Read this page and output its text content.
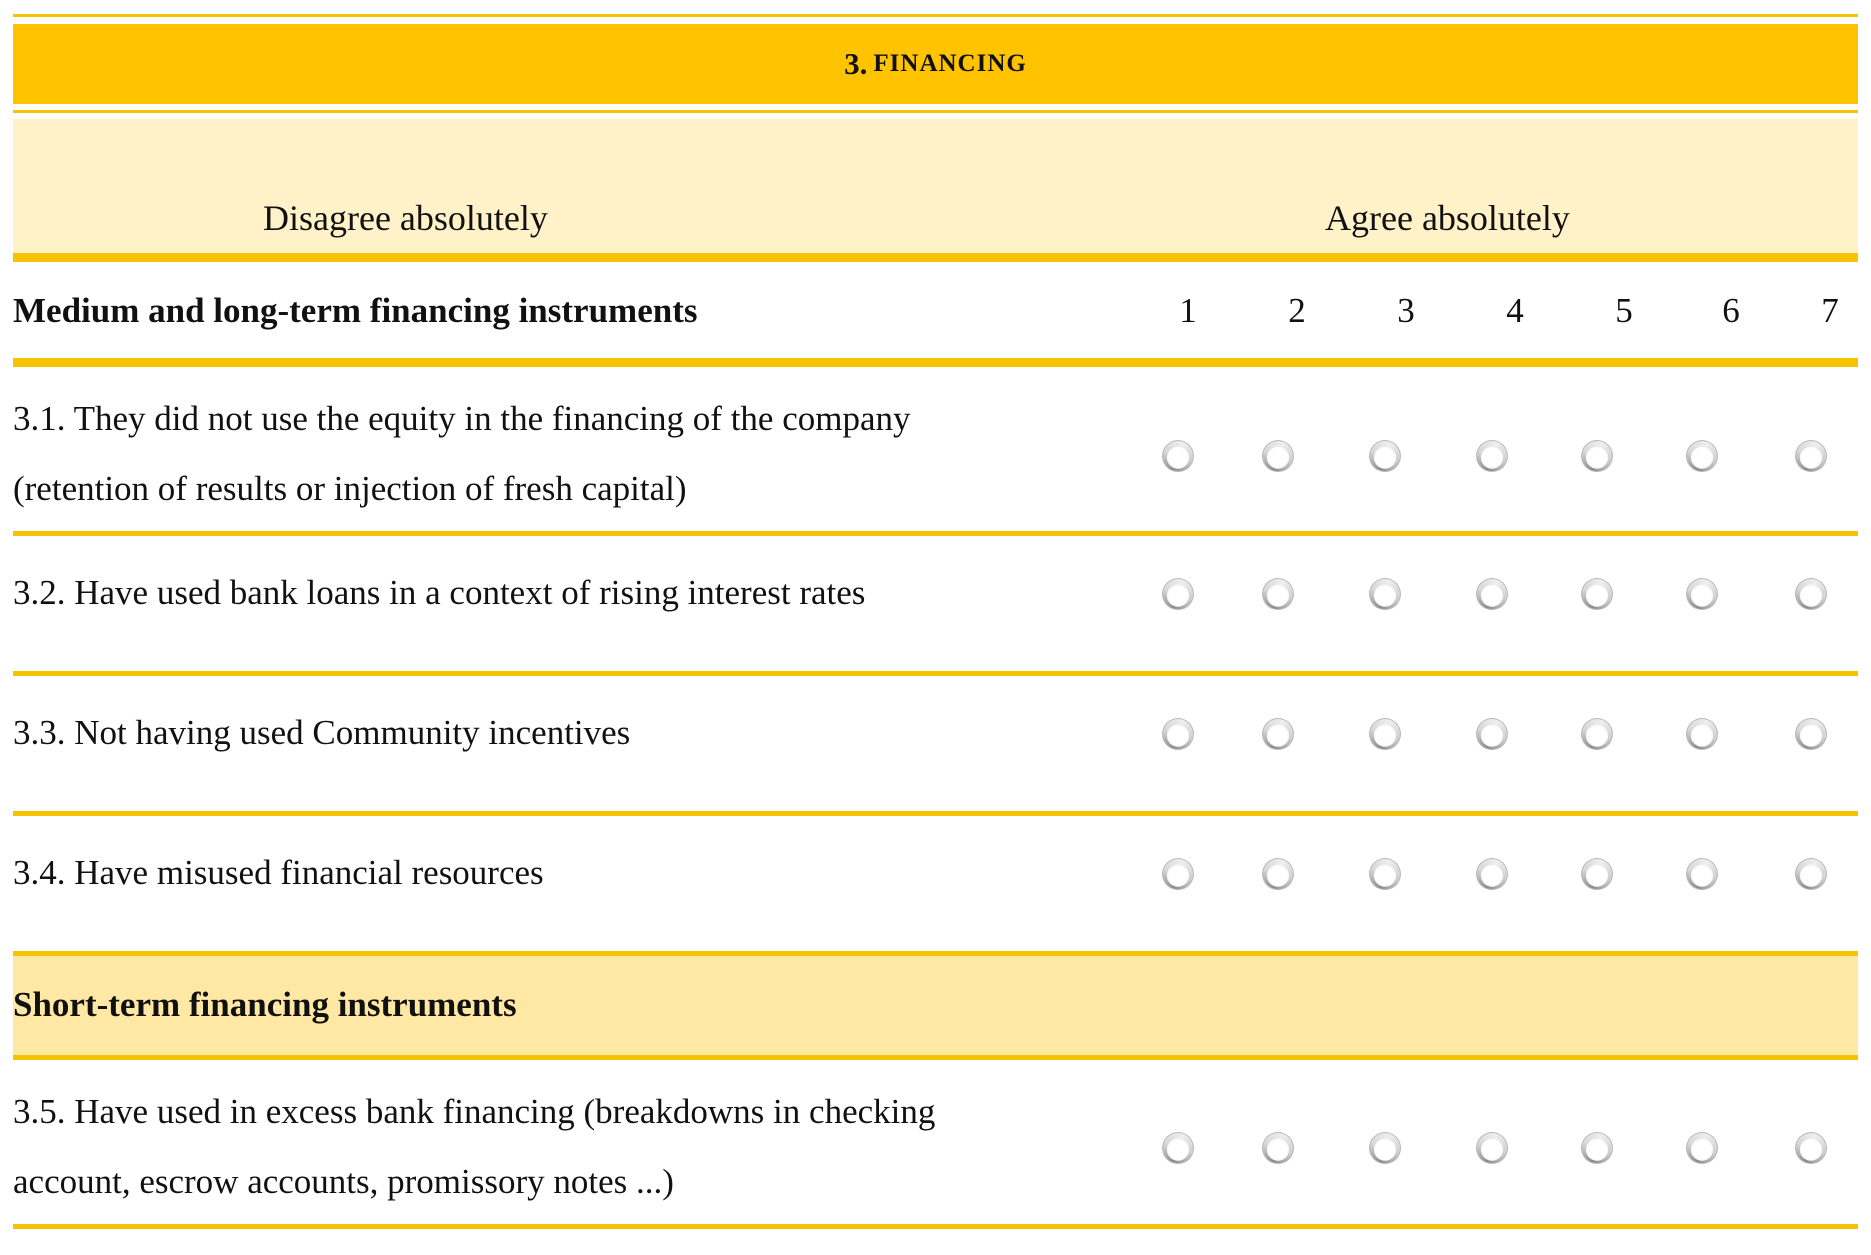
3. FINANCING
Disagree absolutely	Agree absolutely
Medium and long-term financing instruments	1	2	3	4	5	6	7
3.1. They did not use the equity in the financing of the company
(retention of results or injection of fresh capital)
3.2. Have used bank loans in a context of rising interest rates
3.3. Not having used Community incentives
3.4. Have misused financial resources
Short-term financing instruments
3.5. Have used in excess bank financing (breakdowns in checking
account, escrow accounts, promissory notes ...)
